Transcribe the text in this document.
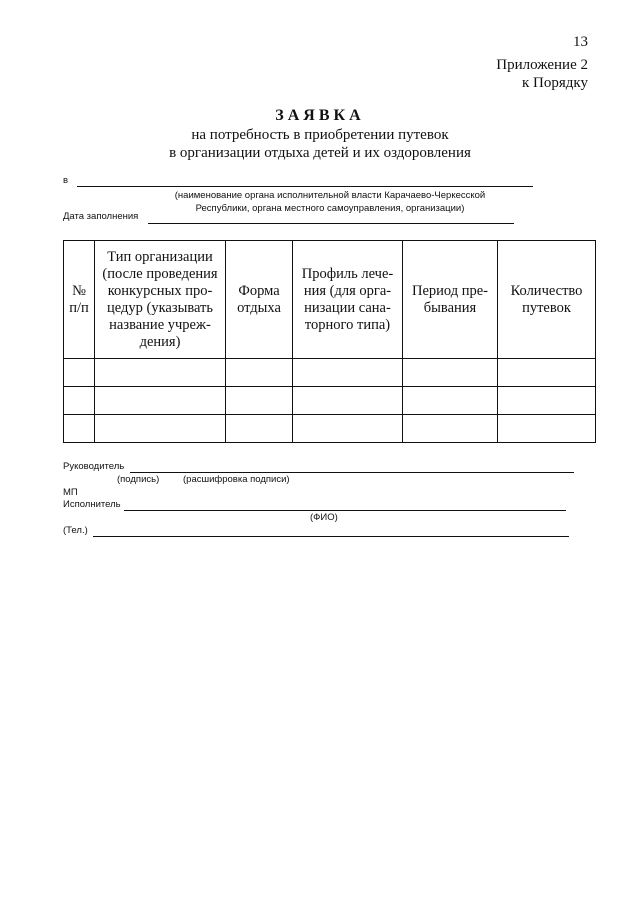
13
Приложение 2
к Порядку
ЗАЯВКА
на потребность в приобретении путевок
в организации отдыха детей и их оздоровления
в
(наименование органа исполнительной власти Карачаево-Черкесской
Республики, органа местного самоуправления, организации)
Дата заполнения
№ п/п	Тип организации (после проведения конкурсных про-цедур (указывать название учреж-дения)	Форма отдыха	Профиль лече-ния (для орга-низации сана-торного типа)	Период пре-бывания	Количество путевок

Руководитель
(подпись)	(расшифровка подписи)
МП
Исполнитель
(ФИО)
(Тел.)
